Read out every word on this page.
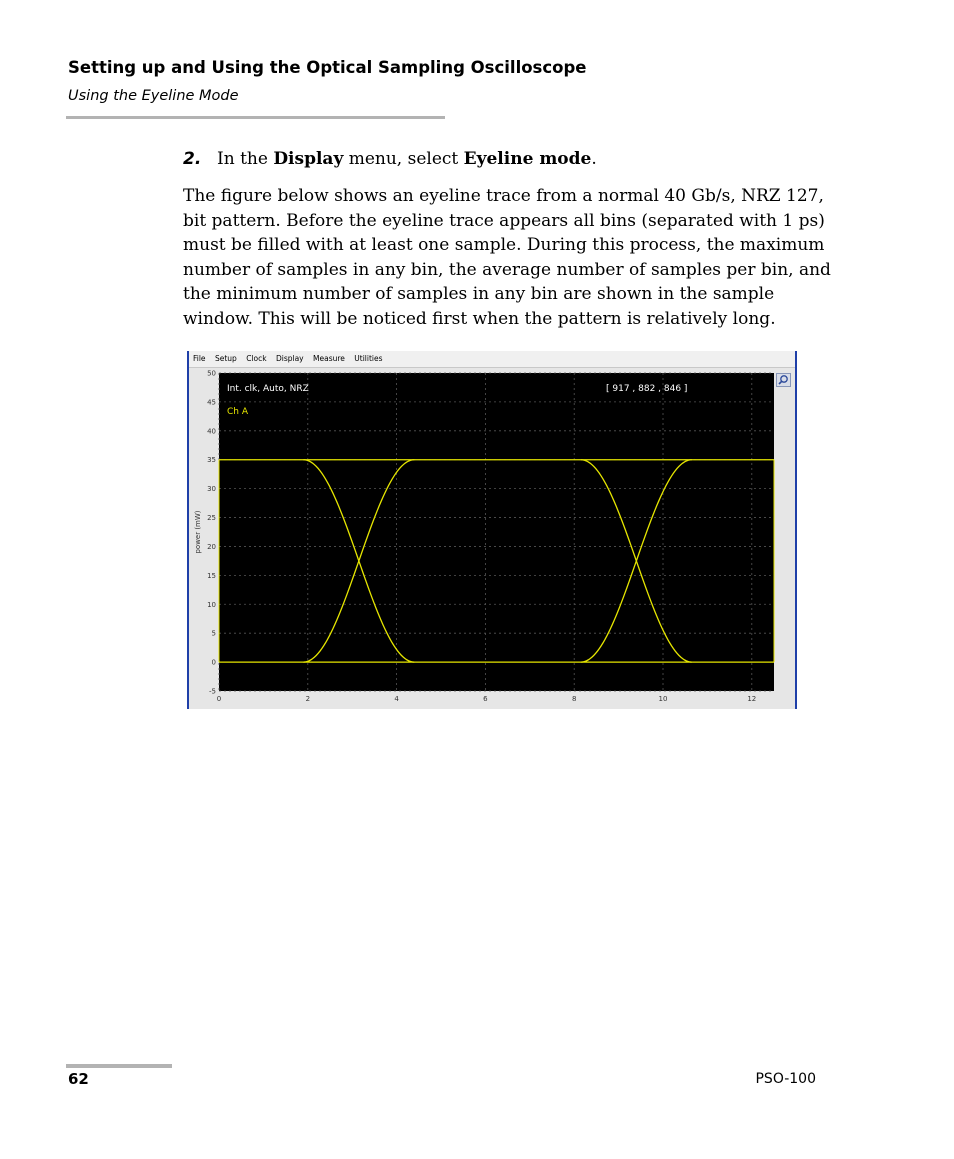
Setting up and Using the Optical Sampling Oscilloscope
Using the Eyeline Mode
2. In the Display menu, select Eyeline mode.
The figure below shows an eyeline trace from a normal 40 Gb/s, NRZ 127,
bit pattern. Before the eyeline trace appears all bins (separated with 1 ps)
must be filled with at least one sample. During this process, the maximum
number of samples in any bin, the average number of samples per bin, and
the minimum number of samples in any bin are shown in the sample
window. This will be noticed first when the pattern is relatively long.
File Setup Clock Display Measure Utilities
50
45
40
35
30
25
20
15
10
5
0
-5
0	2	4	6	8	10	12
power (mW)
Int. clk, Auto, NRZ
Ch A
[ 917 , 882 , 846 ]
62	PSO-100
